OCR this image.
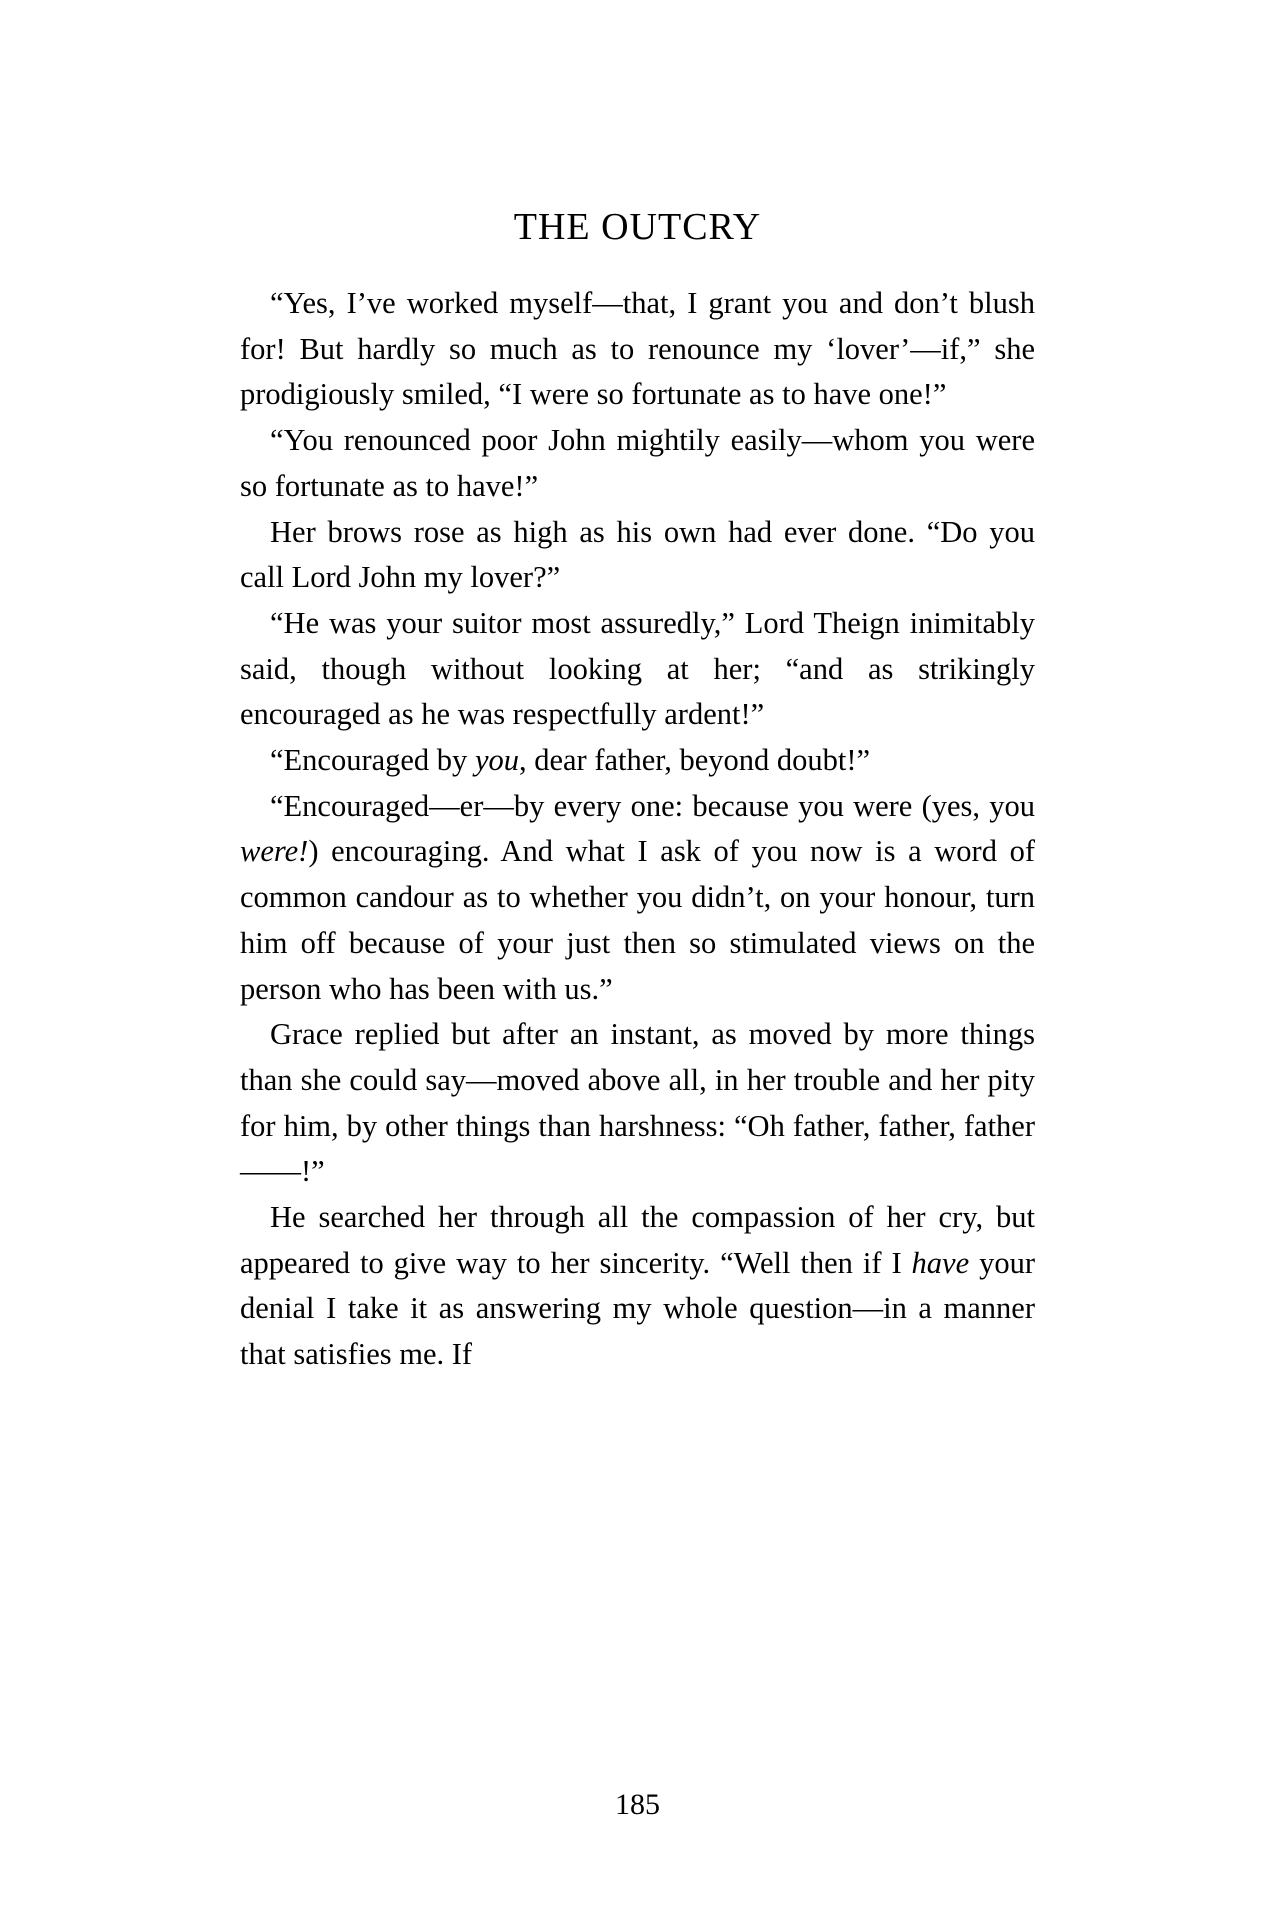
THE OUTCRY

“Yes, I’ve worked myself—that, I grant you and don’t blush for! But hardly so much as to renounce my ‘lover’—if,” she prodigiously smiled, “I were so fortunate as to have one!”

“You renounced poor John mightily easily—whom you were so fortunate as to have!”

Her brows rose as high as his own had ever done. “Do you call Lord John my lover?”

“He was your suitor most assuredly,” Lord Theign inimitably said, though without looking at her; “and as strikingly encouraged as he was respectfully ardent!”

“Encouraged by you, dear father, beyond doubt!”

“Encouraged—er—by every one: because you were (yes, you were!) encouraging. And what I ask of you now is a word of common candour as to whether you didn’t, on your honour, turn him off because of your just then so stimulated views on the person who has been with us.”

Grace replied but after an instant, as moved by more things than she could say—moved above all, in her trouble and her pity for him, by other things than harshness: “Oh father, father, father——!”

He searched her through all the compassion of her cry, but appeared to give way to her sincerity. “Well then if I have your denial I take it as answering my whole question—in a manner that satisfies me. If

185
